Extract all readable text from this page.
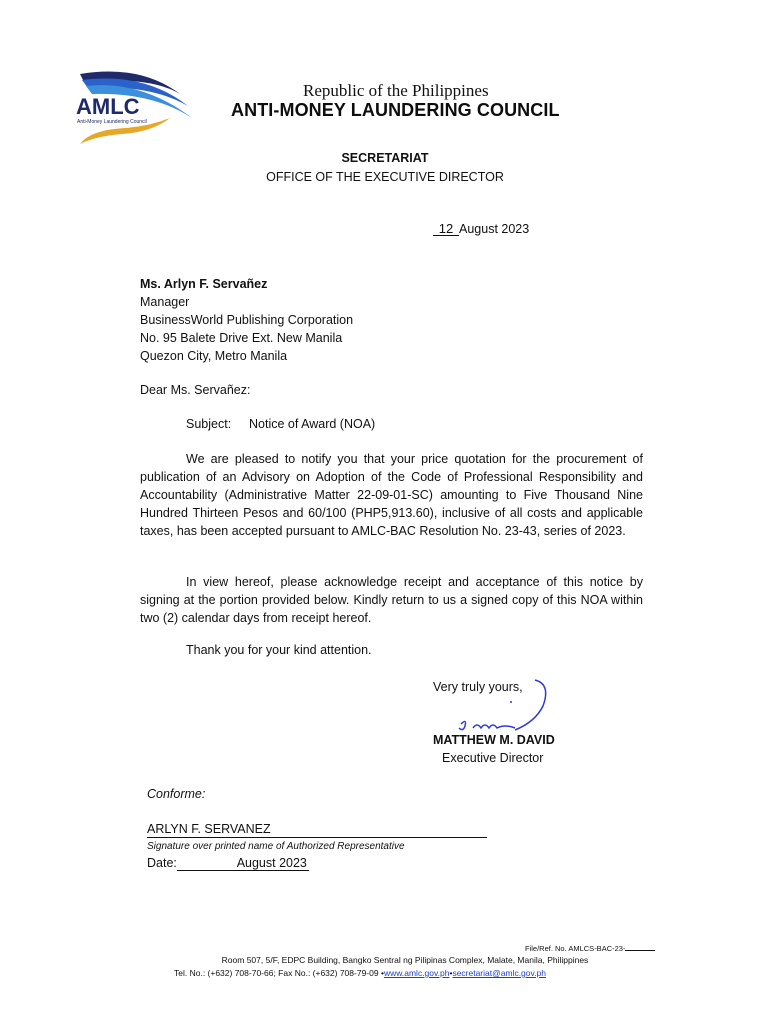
AMLC
Anti-Money Laundering Council
Republic of the Philippines
ANTI-MONEY LAUNDERING COUNCIL
SECRETARIAT
OFFICE OF THE EXECUTIVE DIRECTOR
12 August 2023
Ms. Arlyn F. Servañez
Manager
BusinessWorld Publishing Corporation
No. 95 Balete Drive Ext. New Manila
Quezon City, Metro Manila
Dear Ms. Servañez:
Subject: Notice of Award (NOA)
We are pleased to notify you that your price quotation for the procurement of publication of an Advisory on Adoption of the Code of Professional Responsibility and Accountability (Administrative Matter 22-09-01-SC) amounting to Five Thousand Nine Hundred Thirteen Pesos and 60/100 (PHP5,913.60), inclusive of all costs and applicable taxes, has been accepted pursuant to AMLC-BAC Resolution No. 23-43, series of 2023.
In view hereof, please acknowledge receipt and acceptance of this notice by signing at the portion provided below. Kindly return to us a signed copy of this NOA within two (2) calendar days from receipt hereof.
Thank you for your kind attention.
Very truly yours,
MATTHEW M. DAVID
Executive Director
Conforme:
ARLYN F. SERVANEZ
Signature over printed name of Authorized Representative
Date:	August 2023
File/Ref. No. AMLCS-BAC-23-
Room 507, 5/F, EDPC Building, Bangko Sentral ng Pilipinas Complex, Malate, Manila, Philippines
Tel. No.: (+632) 708-70-66; Fax No.: (+632) 708-79-09 •www.amlc.gov.ph•secretariat@amlc.gov.ph
